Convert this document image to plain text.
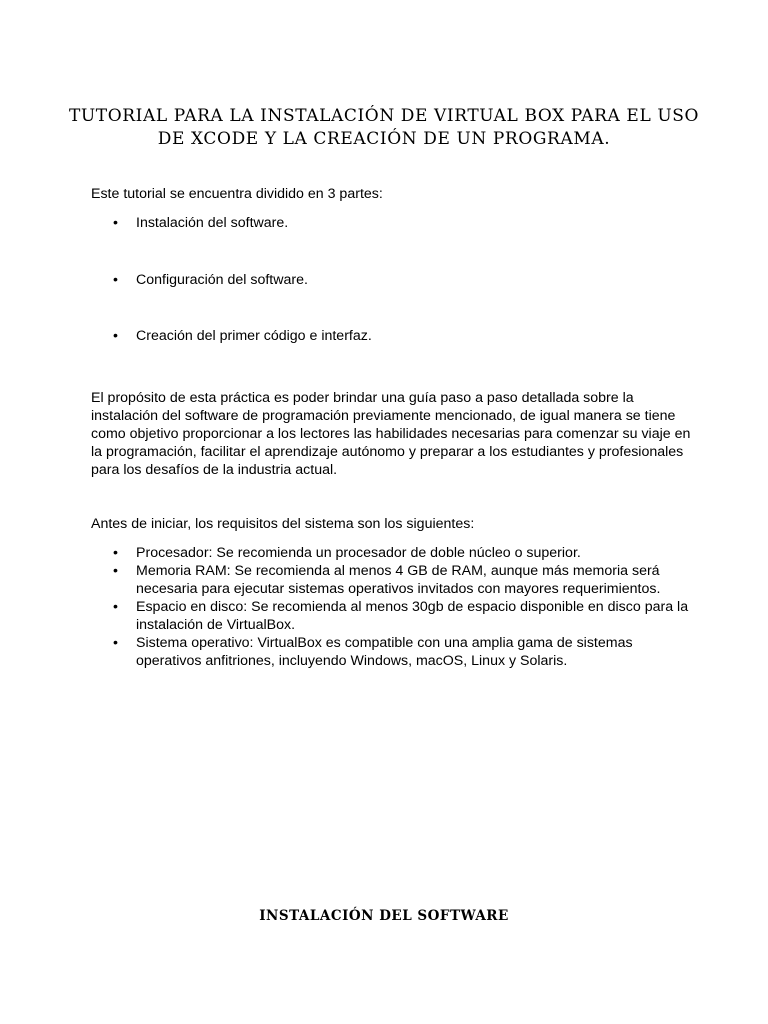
TUTORIAL PARA LA INSTALACIÓN DE VIRTUAL BOX PARA EL USO
DE XCODE Y LA CREACIÓN DE UN PROGRAMA.

Este tutorial se encuentra dividido en 3 partes:

• Instalación del software.
• Configuración del software.
• Creación del primer código e interfaz.
El propósito de esta práctica es poder brindar una guía paso a paso detallada sobre la
instalación del software de programación previamente mencionado, de igual manera se tiene
como objetivo proporcionar a los lectores las habilidades necesarias para comenzar su viaje en
la programación, facilitar el aprendizaje autónomo y preparar a los estudiantes y profesionales
para los desafíos de la industria actual.

Antes de iniciar, los requisitos del sistema son los siguientes:

• Procesador: Se recomienda un procesador de doble núcleo o superior.
• Memoria RAM: Se recomienda al menos 4 GB de RAM, aunque más memoria será
necesaria para ejecutar sistemas operativos invitados con mayores requerimientos.
• Espacio en disco: Se recomienda al menos 30gb de espacio disponible en disco para la
instalación de VirtualBox.
• Sistema operativo: VirtualBox es compatible con una amplia gama de sistemas
operativos anfitriones, incluyendo Windows, macOS, Linux y Solaris.
INSTALACIÓN DEL SOFTWARE
